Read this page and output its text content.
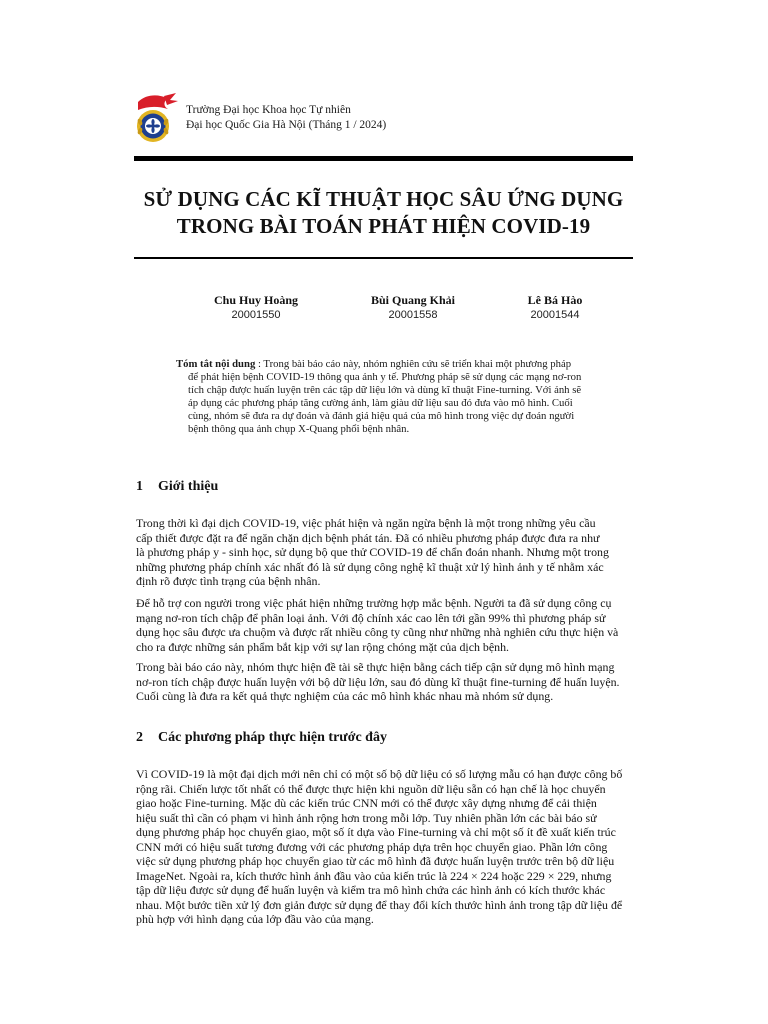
Trường Đại học Khoa học Tự nhiên
Đại học Quốc Gia Hà Nội (Tháng 1 / 2024)
SỬ DỤNG CÁC KĨ THUẬT HỌC SÂU ỨNG DỤNG
TRONG BÀI TOÁN PHÁT HIỆN COVID-19
Chu Huy Hoàng
20001550
Bùi Quang Khải
20001558
Lê Bá Hào
20001544
Tóm tắt nội dung : Trong bài báo cáo này, nhóm nghiên cứu sẽ triển khai một phương pháp
để phát hiện bệnh COVID-19 thông qua ảnh y tế. Phương pháp sẽ sử dụng các mạng nơ-ron
tích chập được huấn luyện trên các tập dữ liệu lớn và dùng kĩ thuật Fine-turning. Với ảnh sẽ
áp dụng các phương pháp tăng cường ảnh, làm giàu dữ liệu sau đó đưa vào mô hình. Cuối
cùng, nhóm sẽ đưa ra dự đoán và đánh giá hiệu quả của mô hình trong việc dự đoán người
bệnh thông qua ảnh chụp X-Quang phổi bệnh nhân.
1 Giới thiệu
Trong thời kì đại dịch COVID-19, việc phát hiện và ngăn ngừa bệnh là một trong những yêu cầu
cấp thiết được đặt ra để ngăn chặn dịch bệnh phát tán. Đã có nhiều phương pháp được đưa ra như
là phương pháp y - sinh học, sử dụng bộ que thử COVID-19 để chẩn đoán nhanh. Nhưng một trong
những phương pháp chính xác nhất đó là sử dụng công nghệ kĩ thuật xử lý hình ảnh y tế nhằm xác
định rõ được tình trạng của bệnh nhân.
Để hỗ trợ con người trong việc phát hiện những trường hợp mắc bệnh. Người ta đã sử dụng công cụ
mạng nơ-ron tích chập để phân loại ảnh. Với độ chính xác cao lên tới gần 99% thì phương pháp sử
dụng học sâu được ưa chuộm và được rất nhiều công ty cũng như những nhà nghiên cứu thực hiện và
cho ra được những sản phẩm bắt kịp với sự lan rộng chóng mặt của dịch bệnh.
Trong bài báo cáo này, nhóm thực hiện đề tài sẽ thực hiện bằng cách tiếp cận sử dụng mô hình mạng
nơ-ron tích chập được huấn luyện với bộ dữ liệu lớn, sau đó dùng kĩ thuật fine-turning để huấn luyện.
Cuối cùng là đưa ra kết quả thực nghiệm của các mô hình khác nhau mà nhóm sử dụng.
2 Các phương pháp thực hiện trước đây
Vì COVID-19 là một đại dịch mới nên chỉ có một số bộ dữ liệu có số lượng mẫu có hạn được công bố
rộng rãi. Chiến lược tốt nhất có thể được thực hiện khi nguồn dữ liệu sẵn có hạn chế là học chuyển
giao hoặc Fine-turning. Mặc dù các kiến trúc CNN mới có thể được xây dựng nhưng để cải thiện
hiệu suất thì cần có phạm vi hình ảnh rộng hơn trong mỗi lớp. Tuy nhiên phần lớn các bài báo sử
dụng phương pháp học chuyển giao, một số ít dựa vào Fine-turning và chỉ một số ít đề xuất kiến trúc
CNN mới có hiệu suất tương đương với các phương pháp dựa trên học chuyển giao. Phần lớn công
việc sử dụng phương pháp học chuyển giao từ các mô hình đã được huấn luyện trước trên bộ dữ liệu
ImageNet. Ngoài ra, kích thước hình ảnh đầu vào của kiến trúc là 224 × 224 hoặc 229 × 229, nhưng
tập dữ liệu được sử dụng để huấn luyện và kiểm tra mô hình chứa các hình ảnh có kích thước khác
nhau. Một bước tiền xử lý đơn giản được sử dụng để thay đổi kích thước hình ảnh trong tập dữ liệu để
phù hợp với hình dạng của lớp đầu vào của mạng.
